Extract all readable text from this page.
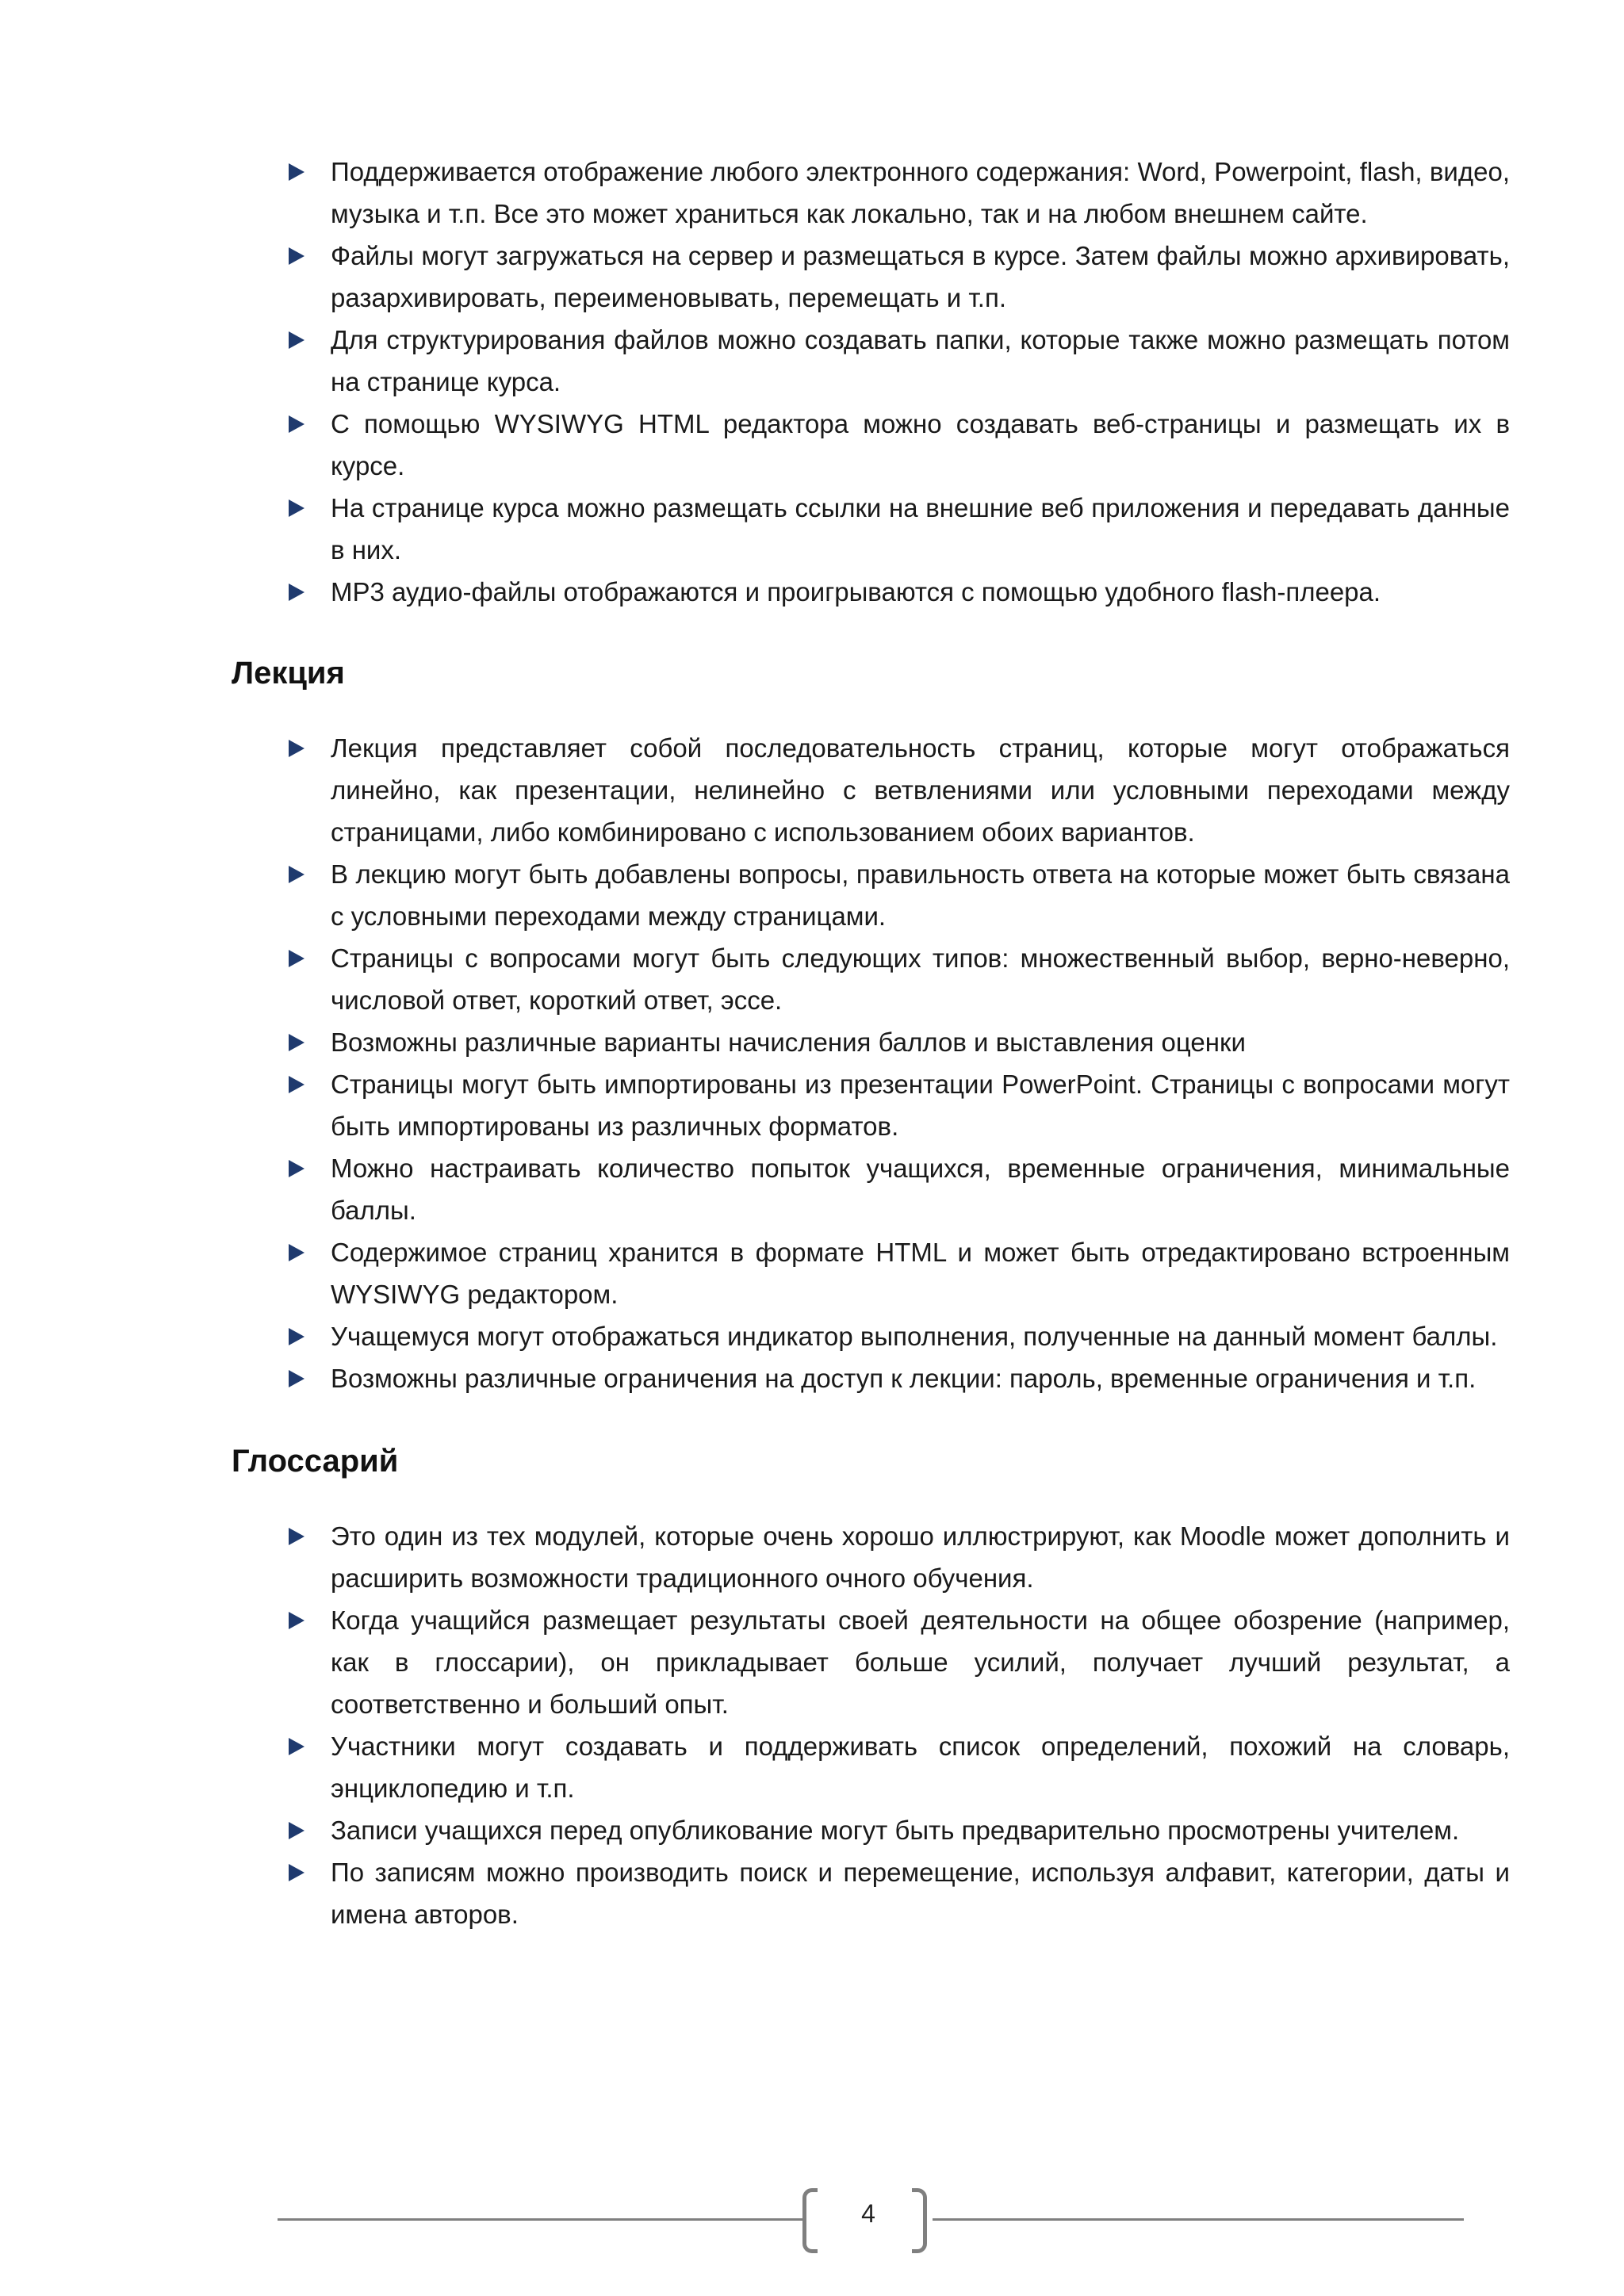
Поддерживается отображение любого электронного содержания: Word, Powerpoint, flash, видео, музыка и т.п. Все это может храниться как локально, так и на любом внешнем сайте.
Файлы могут загружаться на сервер и размещаться в курсе. Затем файлы можно архивировать, разархивировать, переименовывать, перемещать и т.п.
Для структурирования файлов можно создавать папки, которые также можно размещать потом на странице курса.
С помощью WYSIWYG HTML редактора можно создавать веб-страницы и размещать их в курсе.
На странице курса можно размещать ссылки на внешние веб приложения и передавать данные в них.
MP3 аудио-файлы отображаются и проигрываются с помощью удобного flash-плеера.
Лекция
Лекция представляет собой последовательность страниц, которые могут отображаться линейно, как презентации, нелинейно с ветвлениями или условными переходами между страницами, либо комбинировано с использованием обоих вариантов.
В лекцию могут быть добавлены вопросы, правильность ответа на которые может быть связана с условными переходами между страницами.
Страницы с вопросами могут быть следующих типов: множественный выбор, верно-неверно, числовой ответ, короткий ответ, эссе.
Возможны различные варианты начисления баллов и выставления оценки
Страницы могут быть импортированы из презентации PowerPoint. Страницы с вопросами могут быть импортированы из различных форматов.
Можно настраивать количество попыток учащихся, временные ограничения, минимальные баллы.
Содержимое страниц хранится в формате HTML и может быть отредактировано встроенным WYSIWYG редактором.
Учащемуся могут отображаться индикатор выполнения, полученные на данный момент баллы.
Возможны различные ограничения на доступ к лекции: пароль, временные ограничения и т.п.
Глоссарий
Это один из тех модулей, которые очень хорошо иллюстрируют, как Moodle может дополнить и расширить возможности традиционного очного обучения.
Когда учащийся размещает результаты своей деятельности на общее обозрение (например, как в глоссарии), он прикладывает больше усилий, получает лучший результат, а соответственно и больший опыт.
Участники могут создавать и поддерживать список определений, похожий на словарь, энциклопедию и т.п.
Записи учащихся перед опубликование могут быть предварительно просмотрены учителем.
По записям можно производить поиск и перемещение, используя алфавит, категории, даты и имена авторов.
4
